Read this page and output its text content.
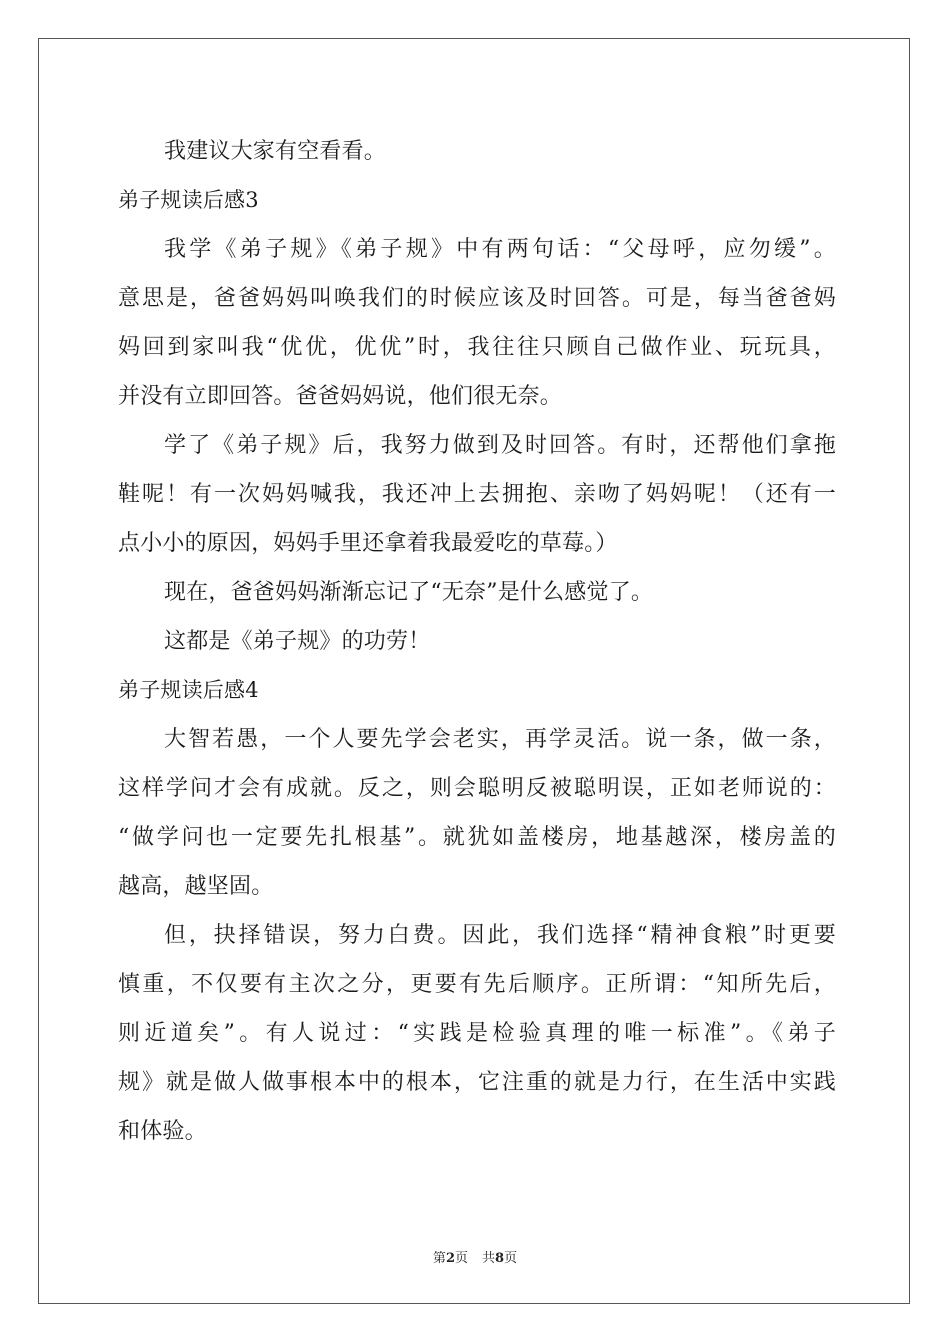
我建议大家有空看看。
弟子规读后感3
我学《弟子规》《弟子规》中有两句话：“父母呼，应勿缓”。
意思是，爸爸妈妈叫唤我们的时候应该及时回答。可是，每当爸爸妈
妈回到家叫我“优优，优优”时，我往往只顾自己做作业、玩玩具，
并没有立即回答。爸爸妈妈说，他们很无奈。
学了《弟子规》后，我努力做到及时回答。有时，还帮他们拿拖
鞋呢！有一次妈妈喊我，我还冲上去拥抱、亲吻了妈妈呢！（还有一
点小小的原因，妈妈手里还拿着我最爱吃的草莓。）
现在，爸爸妈妈渐渐忘记了“无奈”是什么感觉了。
这都是《弟子规》的功劳！
弟子规读后感4
大智若愚，一个人要先学会老实，再学灵活。说一条，做一条，
这样学问才会有成就。反之，则会聪明反被聪明误，正如老师说的：
“做学问也一定要先扎根基”。就犹如盖楼房，地基越深，楼房盖的
越高，越坚固。
但，抉择错误，努力白费。因此，我们选择“精神食粮”时更要
慎重，不仅要有主次之分，更要有先后顺序。正所谓：“知所先后，
则近道矣”。有人说过：“实践是检验真理的唯一标准”。《弟子
规》就是做人做事根本中的根本，它注重的就是力行，在生活中实践
和体验。
第2页 共8页
